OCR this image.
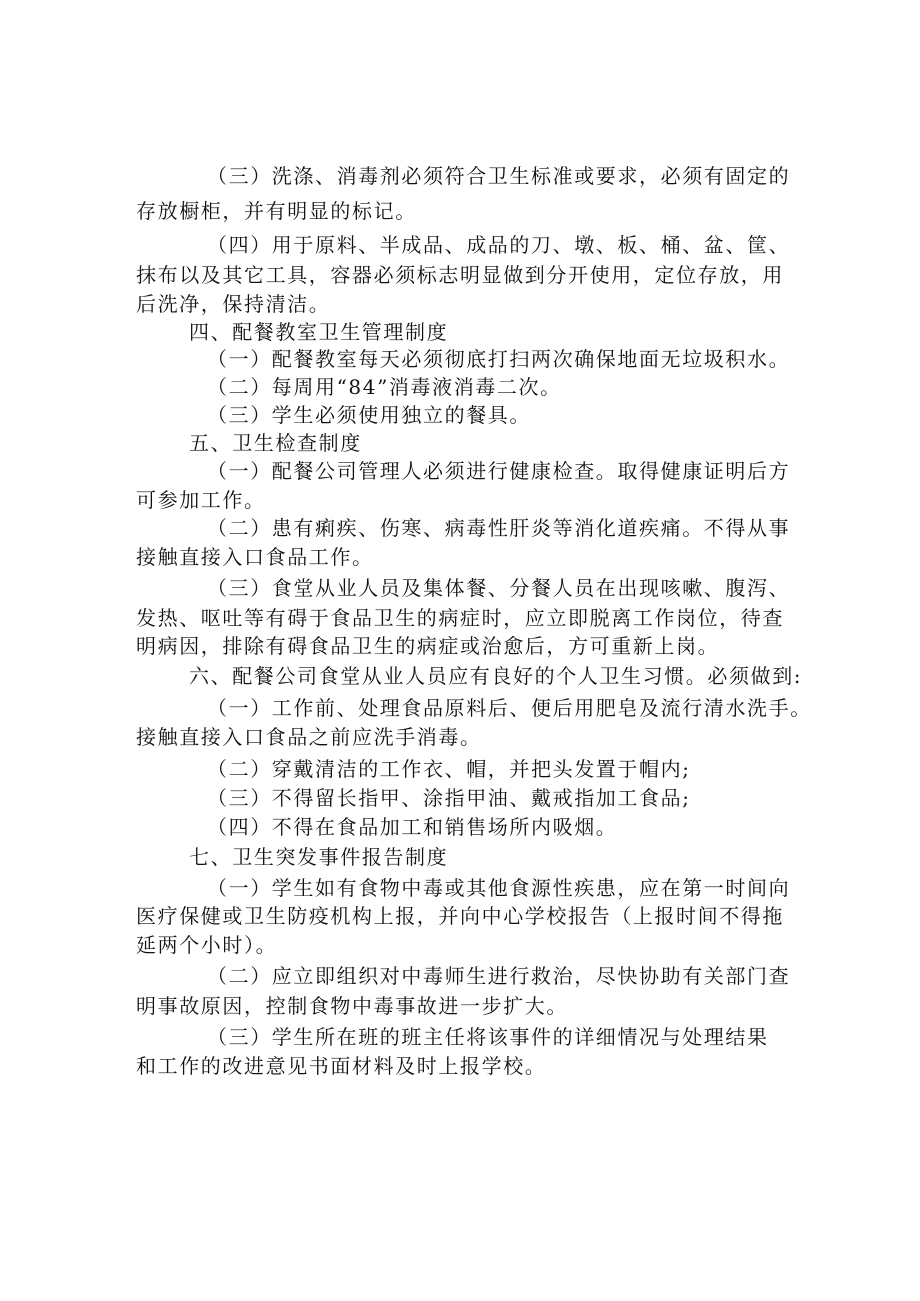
（三）洗涤、消毒剂必须符合卫生标准或要求，必须有固定的
存放橱柜，并有明显的标记。
（四）用于原料、半成品、成品的刀、墩、板、桶、盆、筐、
抹布以及其它工具，容器必须标志明显做到分开使用，定位存放，用
后洗净，保持清洁。
四、配餐教室卫生管理制度
（一）配餐教室每天必须彻底打扫两次确保地面无垃圾积水。
（二）每周用“84”消毒液消毒二次。
（三）学生必须使用独立的餐具。
五、卫生检查制度
（一）配餐公司管理人必须进行健康检查。取得健康证明后方
可参加工作。
（二）患有痢疾、伤寒、病毒性肝炎等消化道疾痛。不得从事
接触直接入口食品工作。
（三）食堂从业人员及集体餐、分餐人员在出现咳嗽、腹泻、
发热、呕吐等有碍于食品卫生的病症时，应立即脱离工作岗位，待查
明病因，排除有碍食品卫生的病症或治愈后，方可重新上岗。
六、配餐公司食堂从业人员应有良好的个人卫生习惯。必须做到:
（一）工作前、处理食品原料后、便后用肥皂及流行清水洗手。
接触直接入口食品之前应洗手消毒。
（二）穿戴清洁的工作衣、帽，并把头发置于帽内;
（三）不得留长指甲、涂指甲油、戴戒指加工食品;
（四）不得在食品加工和销售场所内吸烟。
七、卫生突发事件报告制度
（一）学生如有食物中毒或其他食源性疾患，应在第一时间向
医疗保健或卫生防疫机构上报，并向中心学校报告（上报时间不得拖
延两个小时）。
（二）应立即组织对中毒师生进行救治，尽快协助有关部门查
明事故原因，控制食物中毒事故进一步扩大。
（三）学生所在班的班主任将该事件的详细情况与处理结果
和工作的改进意见书面材料及时上报学校。
